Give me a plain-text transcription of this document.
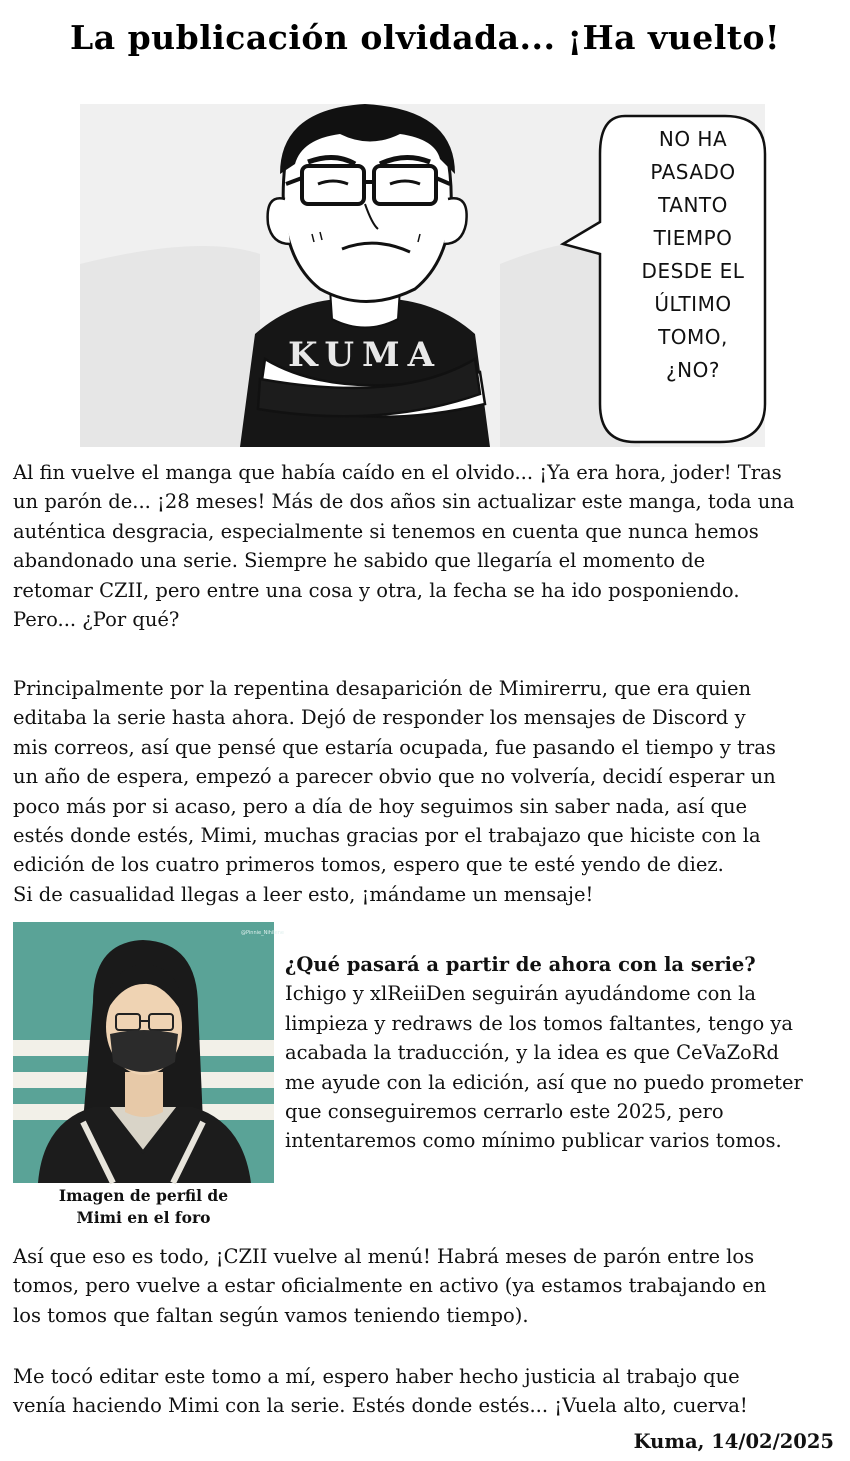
La publicación olvidada... ¡Ha vuelto!
KUMA
NO HA
PASADO
TANTO
TIEMPO
DESDE EL
ÚLTIMO
TOMO,
¿NO?
Al fin vuelve el manga que había caído en el olvido... ¡Ya era hora, joder! Tras
un parón de... ¡28 meses! Más de dos años sin actualizar este manga, toda una
auténtica desgracia, especialmente si tenemos en cuenta que nunca hemos
abandonado una serie. Siempre he sabido que llegaría el momento de
retomar CZII, pero entre una cosa y otra, la fecha se ha ido posponiendo.
Pero... ¿Por qué?
Principalmente por la repentina desaparición de Mimirerru, que era quien
editaba la serie hasta ahora. Dejó de responder los mensajes de Discord y
mis correos, así que pensé que estaría ocupada, fue pasando el tiempo y tras
un año de espera, empezó a parecer obvio que no volvería, decidí esperar un
poco más por si acaso, pero a día de hoy seguimos sin saber nada, así que
estés donde estés, Mimi, muchas gracias por el trabajazo que hiciste con la
edición de los cuatro primeros tomos, espero que te esté yendo de diez.
Si de casualidad llegas a leer esto, ¡mándame un mensaje!
@Pinnie_Nihilene
Imagen de perfil de
Mimi en el foro
¿Qué pasará a partir de ahora con la serie?
Ichigo y xlReiiDen seguirán ayudándome con la
limpieza y redraws de los tomos faltantes, tengo ya
acabada la traducción, y la idea es que CeVaZoRd
me ayude con la edición, así que no puedo prometer
que conseguiremos cerrarlo este 2025, pero
intentaremos como mínimo publicar varios tomos.
Así que eso es todo, ¡CZII vuelve al menú! Habrá meses de parón entre los
tomos, pero vuelve a estar oficialmente en activo (ya estamos trabajando en
los tomos que faltan según vamos teniendo tiempo).
Me tocó editar este tomo a mí, espero haber hecho justicia al trabajo que
venía haciendo Mimi con la serie. Estés donde estés... ¡Vuela alto, cuerva!
Kuma, 14/02/2025
